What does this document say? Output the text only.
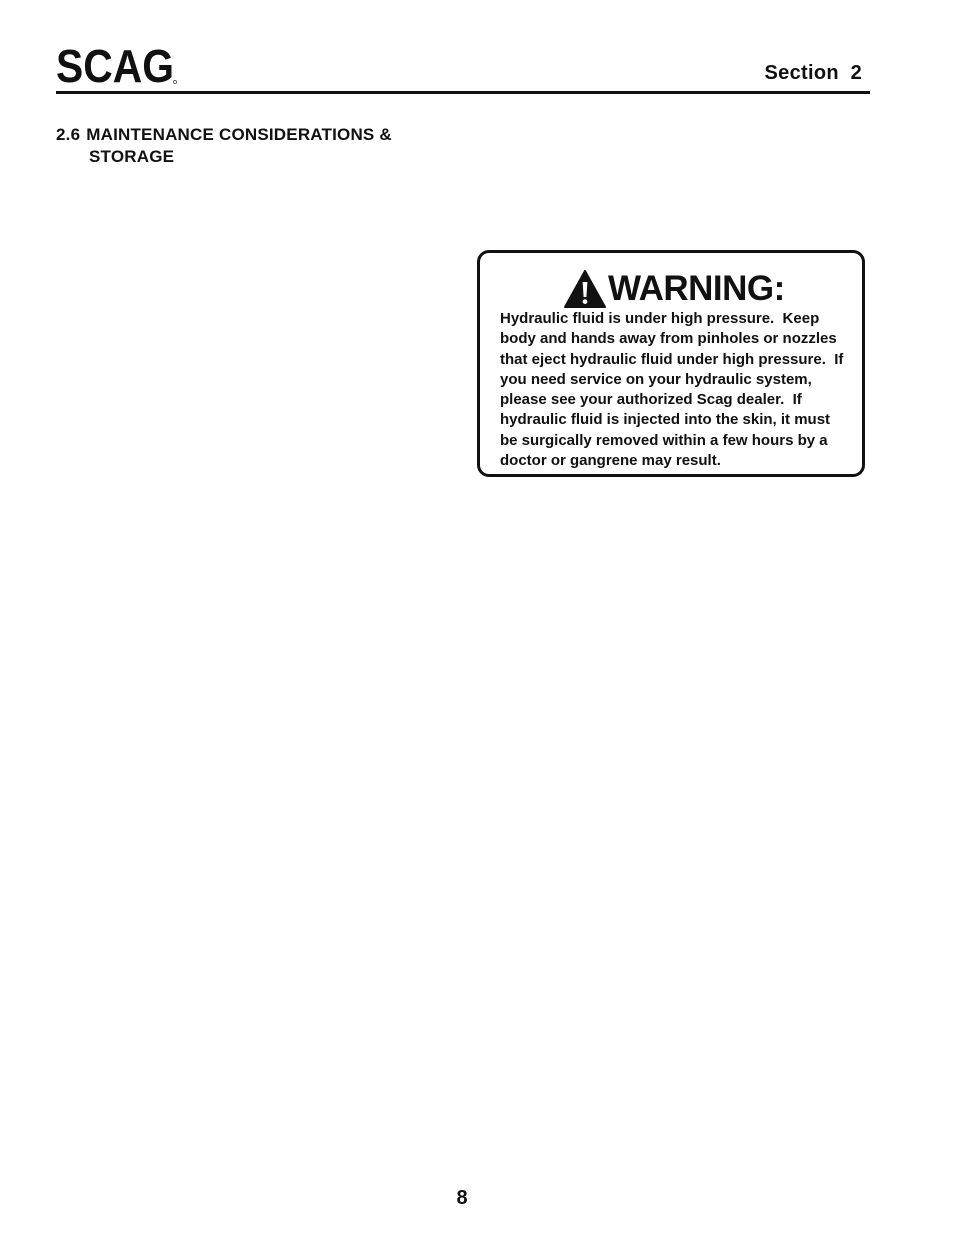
SCAG	Section  2
2.6 MAINTENANCE CONSIDERATIONS &
STORAGE
WARNING:

Hydraulic fluid is under high pressure.  Keep
body and hands away from pinholes or nozzles
that eject hydraulic fluid under high pressure.  If
you need service on your hydraulic system,
please see your authorized Scag dealer.  If
hydraulic fluid is injected into the skin, it must
be surgically removed within a few hours by a
doctor or gangrene may result.

8
